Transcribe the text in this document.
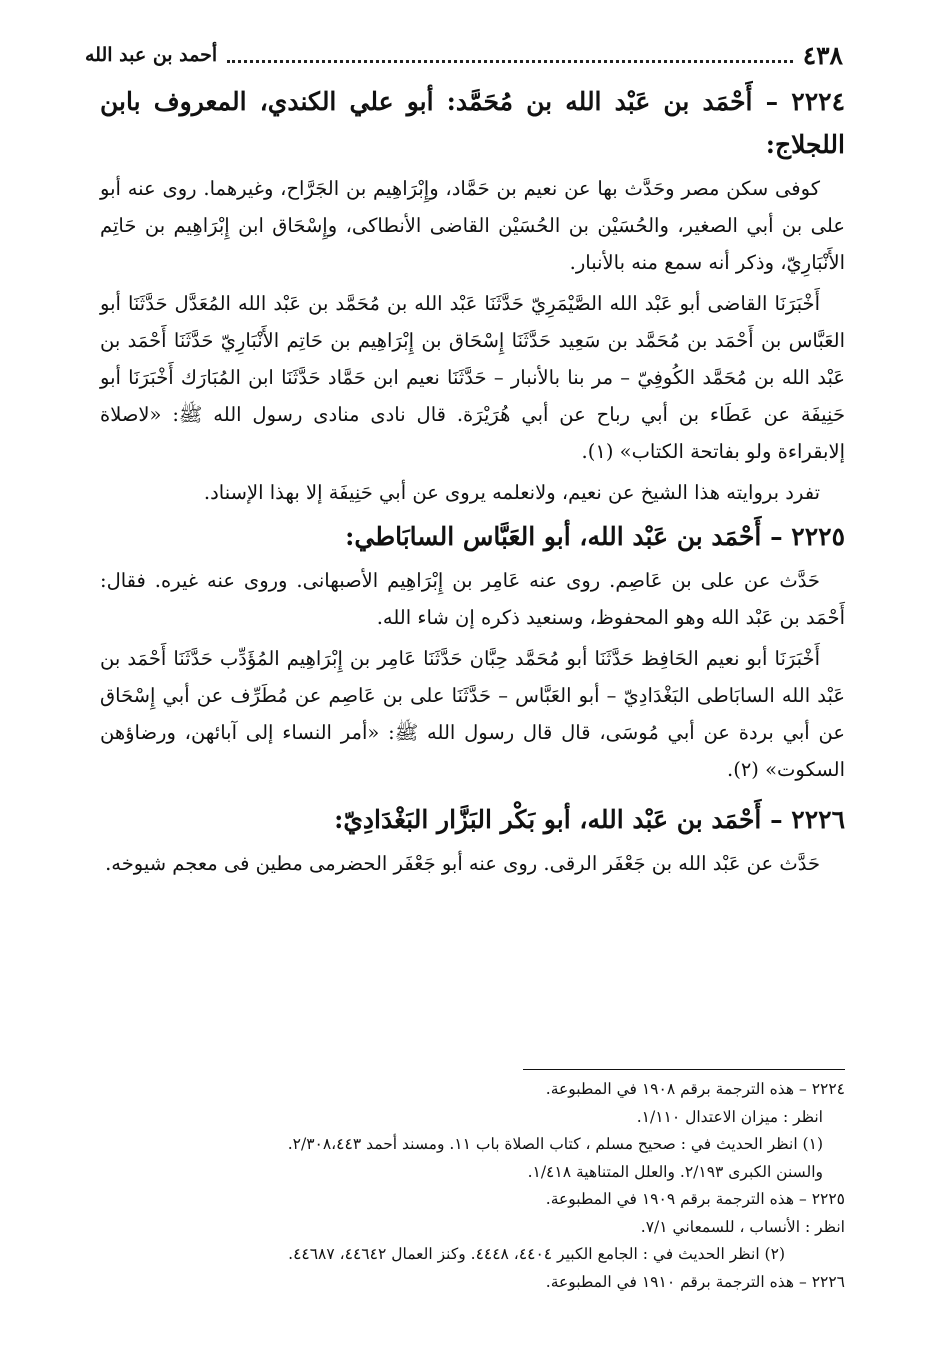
٤٣٨
أحمد بن عبد الله
٢٢٢٤ – أَحْمَد بن عَبْد الله بن مُحَمَّد: أبو علي الكندي، المعروف بابن اللجلاج:

كوفى سكن مصر وحَدَّث بها عن نعيم بن حَمَّاد، وإِبْرَاهِيم بن الجَرَّاح، وغيرهما. روى عنه أبو على بن أبي الصغير، والحُسَيْن بن الحُسَيْن القاضى الأنطاكى، وإِسْحَاق ابن إِبْرَاهِيم بن حَاتِم الأَنْبَارِيّ، وذكر أنه سمع منه بالأنبار.

أَخْبَرَنَا القاضى أبو عَبْد الله الصَّيْمَرِيّ حَدَّثَنَا عَبْد الله بن مُحَمَّد بن عَبْد الله المُعَدَّل حَدَّثَنَا أبو العَبَّاس بن أَحْمَد بن مُحَمَّد بن سَعِيد حَدَّثَنَا إِسْحَاق بن إِبْرَاهِيم بن حَاتِم الأَنْبَارِيّ حَدَّثَنَا أَحْمَد بن عَبْد الله بن مُحَمَّد الكُوفِيّ – مر بنا بالأنبار – حَدَّثَنَا نعيم ابن حَمَّاد حَدَّثَنَا ابن المُبَارَك أَخْبَرَنَا أبو حَنِيفَة عن عَطَاء بن أبي رباح عن أبي هُرَيْرَة. قال نادى منادى رسول الله ﷺ: «لاصلاة إلابقراءة ولو بفاتحة الكتاب» (١).

تفرد بروايته هذا الشيخ عن نعيم، ولانعلمه يروى عن أبي حَنِيفَة إلا بهذا الإسناد.

٢٢٢٥ – أَحْمَد بن عَبْد الله، أبو العَبَّاس السابَاطي:

حَدَّث عن على بن عَاصِم. روى عنه عَامِر بن إِبْرَاهِيم الأصبهانى. وروى عنه غيره. فقال: أَحْمَد بن عَبْد الله وهو المحفوظ، وسنعيد ذكره إن شاء الله.

أَخْبَرَنَا أبو نعيم الحَافِظ حَدَّثَنَا أبو مُحَمَّد حِبَّان حَدَّثَنَا عَامِر بن إِبْرَاهِيم المُؤَدِّب حَدَّثَنَا أَحْمَد بن عَبْد الله السابَاطى البَغْدَادِيّ – أبو العَبَّاس – حَدَّثَنَا على بن عَاصِم عن مُطَرِّف عن أبي إِسْحَاق عن أبي بردة عن أبي مُوسَى، قال قال رسول الله ﷺ: «أمر النساء إلى آبائهن، ورضاؤهن السكوت» (٢).

٢٢٢٦ – أَحْمَد بن عَبْد الله، أبو بَكْر البَزَّار البَغْدَادِيّ:

حَدَّث عن عَبْد الله بن جَعْفَر الرقى. روى عنه أبو جَعْفَر الحضرمى مطين فى معجم شيوخه.

٢٢٢٤ – هذه الترجمة برقم ١٩٠٨ في المطبوعة.

انظر : ميزان الاعتدال ١/١١٠.

(١) انظر الحديث في : صحيح مسلم ، كتاب الصلاة باب ١١. ومسند أحمد ٢/٣٠٨،٤٤٣.

والسنن الكبرى ٢/١٩٣. والعلل المتناهية ١/٤١٨.

٢٢٢٥ – هذه الترجمة برقم ١٩٠٩ في المطبوعة.

انظر : الأنساب ، للسمعاني ٧/١.

(٢) انظر الحديث في : الجامع الكبير ٤٤٠٤، ٤٤٤٨. وكنز العمال ٤٤٦٤٢، ٤٤٦٨٧.

٢٢٢٦ – هذه الترجمة برقم ١٩١٠ في المطبوعة.
